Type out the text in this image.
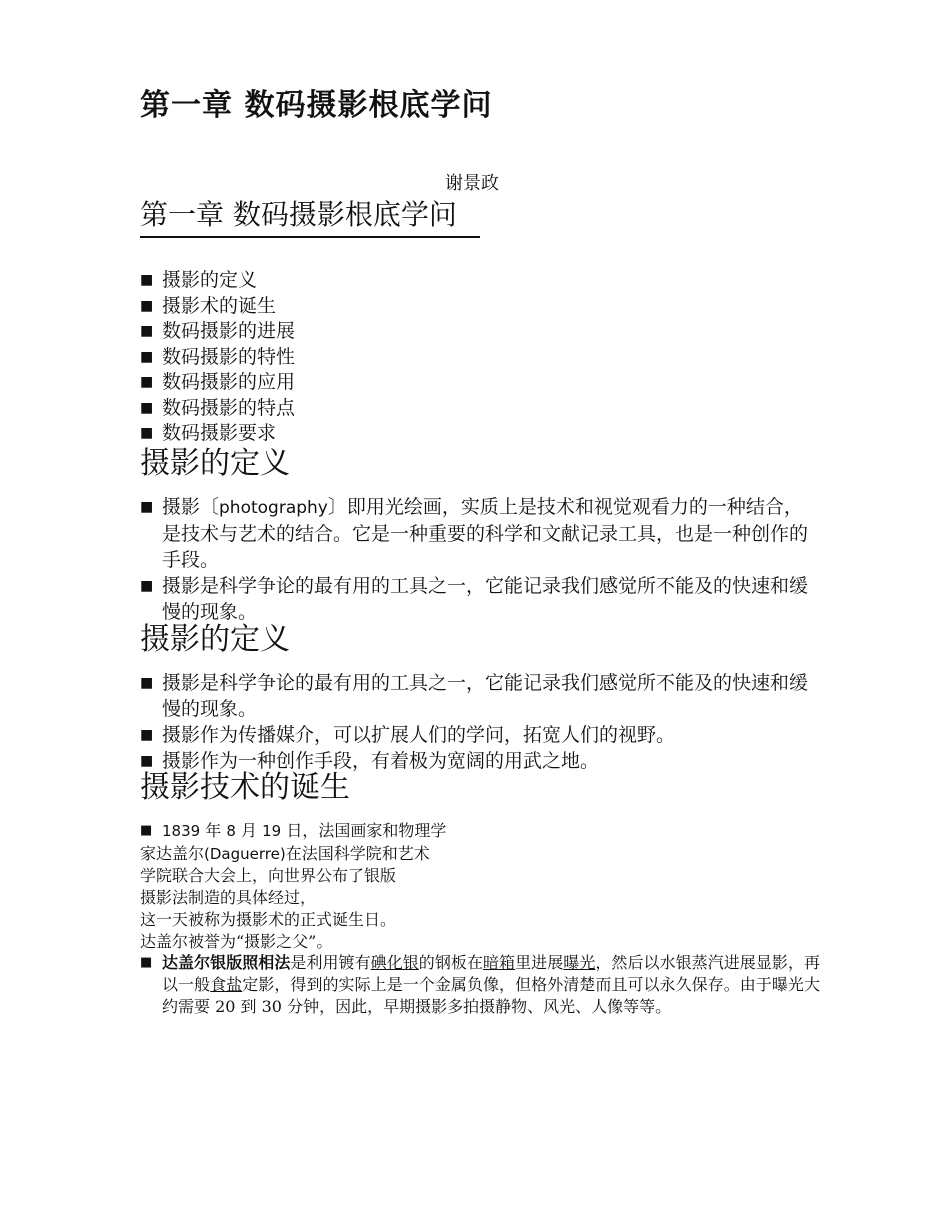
第一章 数码摄影根底学问
谢景政
第一章 数码摄影根底学问
■ 摄影的定义
■ 摄影术的诞生
■ 数码摄影的进展
■ 数码摄影的特性
■ 数码摄影的应用
■ 数码摄影的特点
■ 数码摄影要求
摄影的定义
■ 摄影〔photography〕即用光绘画，实质上是技术和视觉观看力的一种结合，是技术与艺术的结合。它是一种重要的科学和文献记录工具，也是一种创作的手段。
■ 摄影是科学争论的最有用的工具之一，它能记录我们感觉所不能及的快速和缓慢的现象。
摄影的定义
■ 摄影是科学争论的最有用的工具之一，它能记录我们感觉所不能及的快速和缓慢的现象。
■ 摄影作为传播媒介，可以扩展人们的学问，拓宽人们的视野。
■ 摄影作为一种创作手段，有着极为宽阔的用武之地。
摄影技术的诞生
■ 1839 年 8 月 19 日，法国画家和物理学
家达盖尔(Daguerre)在法国科学院和艺术
学院联合大会上，向世界公布了银版
摄影法制造的具体经过，
这一天被称为摄影术的正式诞生日。
达盖尔被誉为“摄影之父”。
■ 达盖尔银版照相法是利用镀有碘化银的钢板在暗箱里进展曝光，然后以水银蒸汽进展显影，再以一般食盐定影，得到的实际上是一个金属负像，但格外清楚而且可以永久保存。由于曝光大约需要 20 到 30 分钟，因此，早期摄影多拍摄静物、风光、人像等等。
